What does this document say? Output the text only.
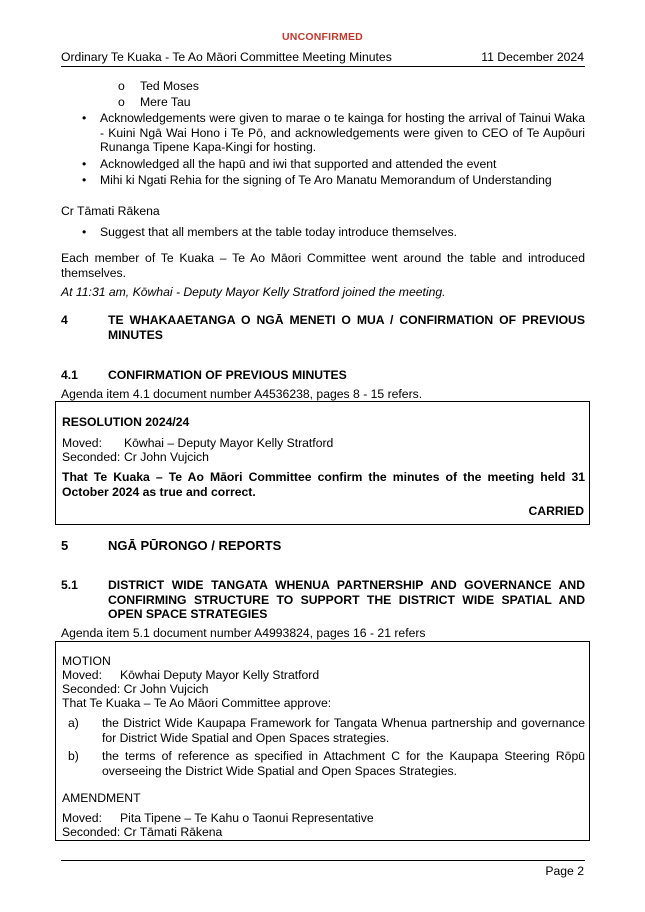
UNCONFIRMED
Ordinary Te Kuaka - Te Ao Māori Committee Meeting Minutes	11 December 2024
o Ted Moses
o Mere Tau
• Acknowledgements were given to marae o te kainga for hosting the arrival of Tainui Waka - Kuini Ngā Wai Hono i Te Pō, and acknowledgements were given to CEO of Te Aupōuri Runanga Tipene Kapa-Kingi for hosting.
• Acknowledged all the hapū and iwi that supported and attended the event
• Mihi ki Ngati Rehia for the signing of Te Aro Manatu Memorandum of Understanding
Cr Tāmati Rākena
• Suggest that all members at the table today introduce themselves.
Each member of Te Kuaka – Te Ao Māori Committee went around the table and introduced themselves.
At 11:31 am, Kōwhai - Deputy Mayor Kelly Stratford joined the meeting.
4	TE WHAKAAETANGA O NGĀ MENETI O MUA / CONFIRMATION OF PREVIOUS MINUTES
4.1 CONFIRMATION OF PREVIOUS MINUTES
Agenda item 4.1 document number A4536238, pages 8 - 15 refers.
RESOLUTION 2024/24
Moved: Kōwhai – Deputy Mayor Kelly Stratford
Seconded: Cr John Vujcich
That Te Kuaka – Te Ao Māori Committee confirm the minutes of the meeting held 31 October 2024 as true and correct.
CARRIED
5	NGĀ PŪRONGO / REPORTS
5.1 DISTRICT WIDE TANGATA WHENUA PARTNERSHIP AND GOVERNANCE AND CONFIRMING STRUCTURE TO SUPPORT THE DISTRICT WIDE SPATIAL AND OPEN SPACE STRATEGIES
Agenda item 5.1 document number A4993824, pages 16 - 21 refers
MOTION
Moved: Kōwhai Deputy Mayor Kelly Stratford
Seconded: Cr John Vujcich
That Te Kuaka – Te Ao Māori Committee approve:
a) the District Wide Kaupapa Framework for Tangata Whenua partnership and governance for District Wide Spatial and Open Spaces strategies.
b) the terms of reference as specified in Attachment C for the Kaupapa Steering Rōpū overseeing the District Wide Spatial and Open Spaces Strategies.
AMENDMENT
Moved: Pita Tipene – Te Kahu o Taonui Representative
Seconded: Cr Tāmati Rākena
Page 2
